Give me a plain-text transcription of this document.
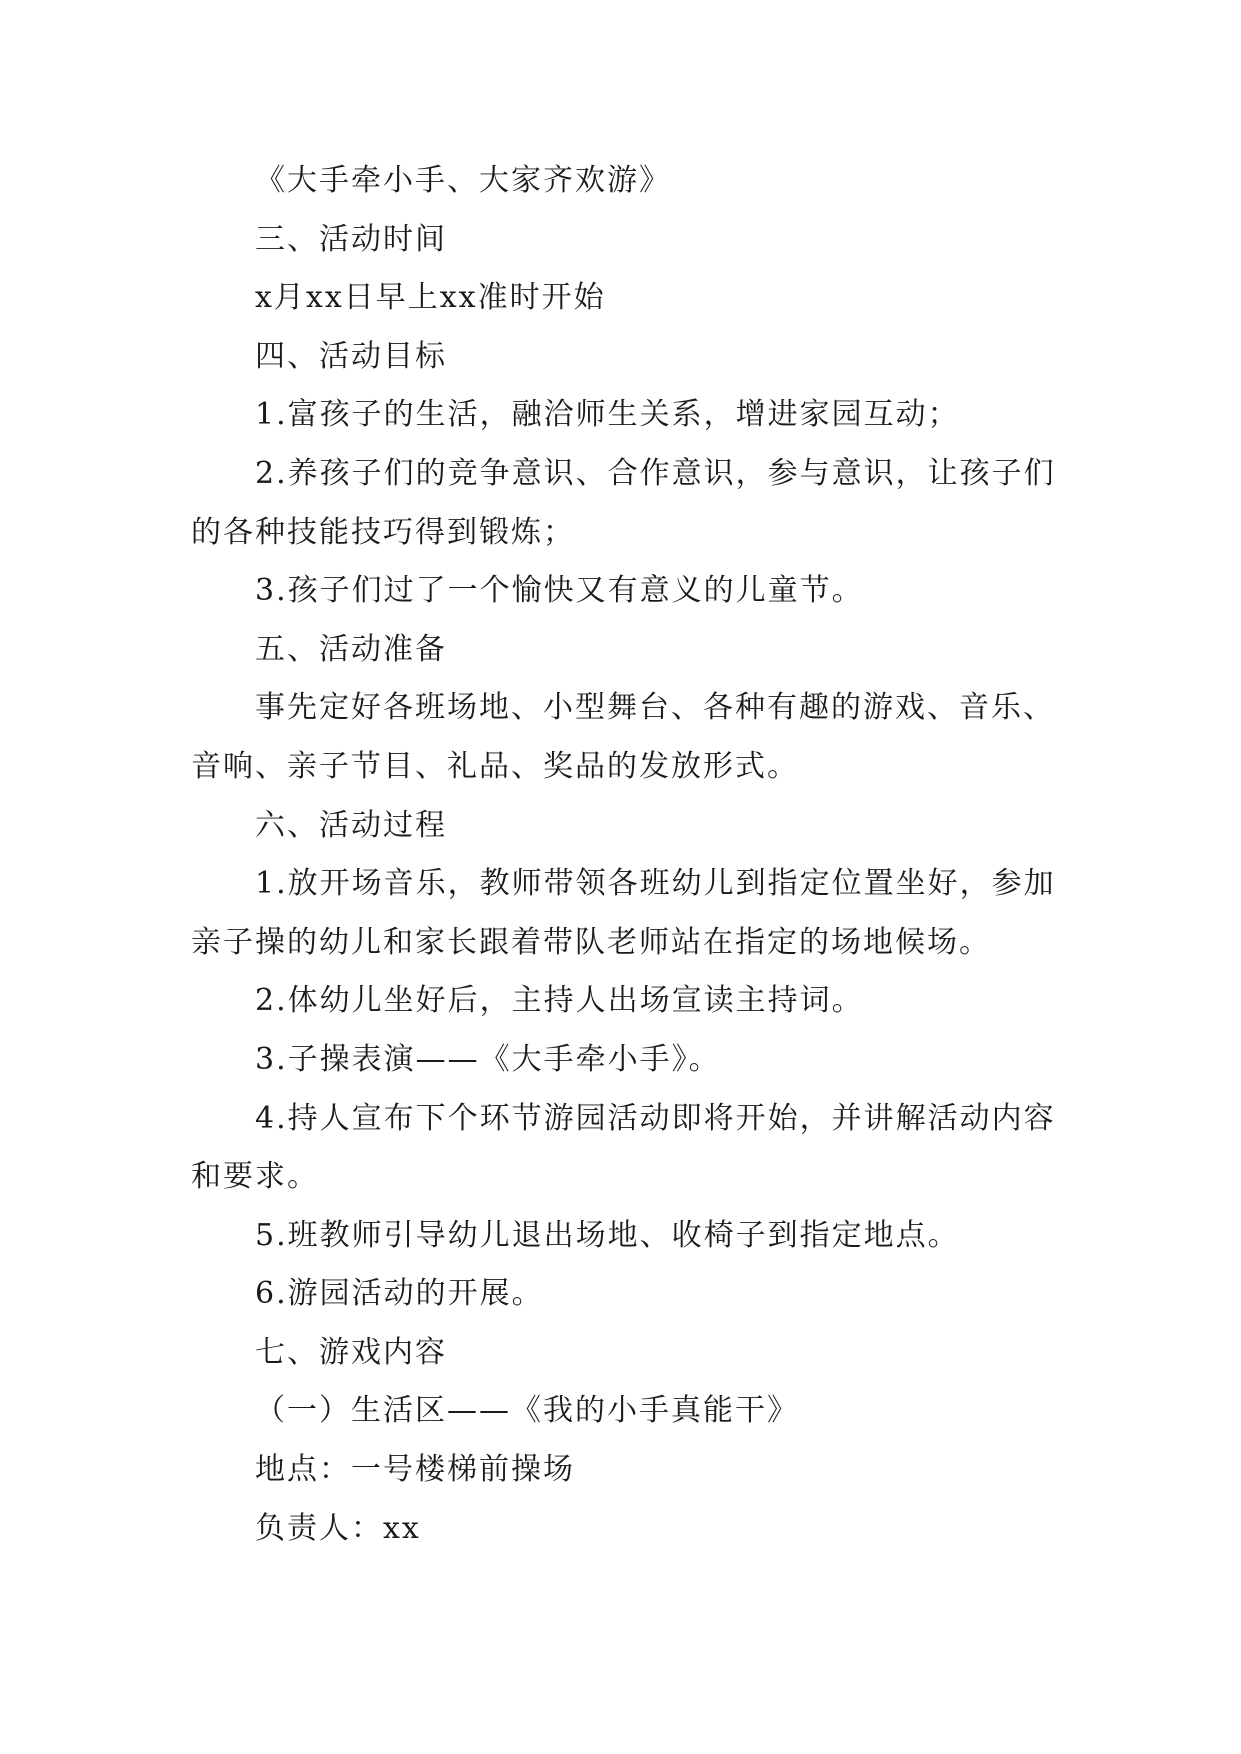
《大手牵小手、大家齐欢游》

三、活动时间

x月xx日早上xx准时开始

四、活动目标

1.富孩子的生活，融洽师生关系，增进家园互动；

2.养孩子们的竞争意识、合作意识，参与意识，让孩子们的各种技能技巧得到锻炼；

3.孩子们过了一个愉快又有意义的儿童节。

五、活动准备

事先定好各班场地、小型舞台、各种有趣的游戏、音乐、音响、亲子节目、礼品、奖品的发放形式。

六、活动过程

1.放开场音乐，教师带领各班幼儿到指定位置坐好，参加亲子操的幼儿和家长跟着带队老师站在指定的场地候场。

2.体幼儿坐好后，主持人出场宣读主持词。

3.子操表演——《大手牵小手》。

4.持人宣布下个环节游园活动即将开始，并讲解活动内容和要求。

5.班教师引导幼儿退出场地、收椅子到指定地点。

6.游园活动的开展。

七、游戏内容

（一）生活区——《我的小手真能干》

地点：一号楼梯前操场

负责人：xx
